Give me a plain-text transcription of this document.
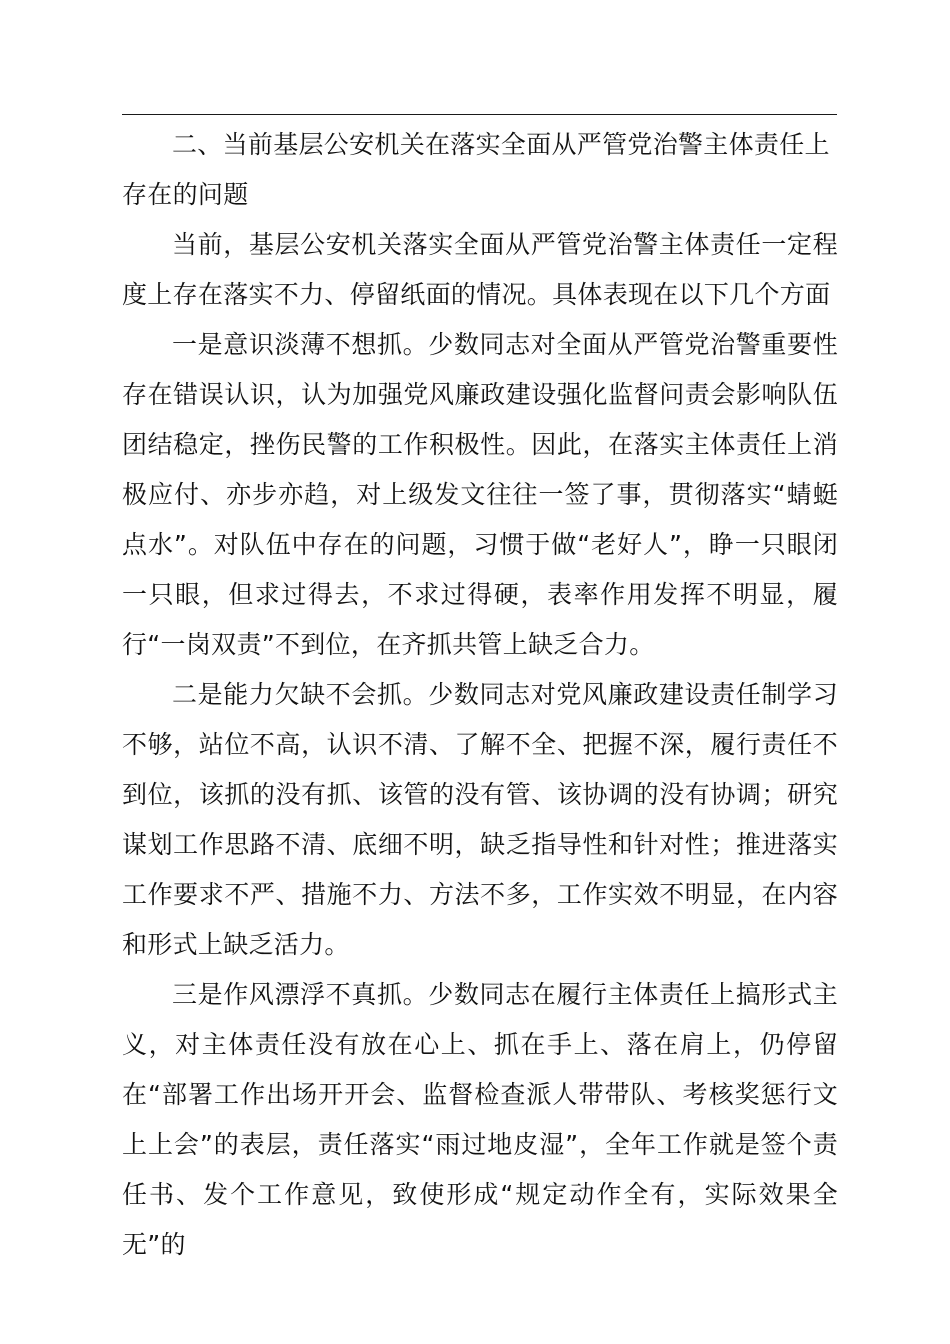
二、当前基层公安机关在落实全面从严管党治警主体责任上存在的问题

当前，基层公安机关落实全面从严管党治警主体责任一定程度上存在落实不力、停留纸面的情况。具体表现在以下几个方面

一是意识淡薄不想抓。少数同志对全面从严管党治警重要性存在错误认识，认为加强党风廉政建设强化监督问责会影响队伍团结稳定，挫伤民警的工作积极性。因此，在落实主体责任上消极应付、亦步亦趋，对上级发文往往一签了事，贯彻落实“蜻蜓点水”。对队伍中存在的问题，习惯于做“老好人”，睁一只眼闭一只眼，但求过得去，不求过得硬，表率作用发挥不明显，履行“一岗双责”不到位，在齐抓共管上缺乏合力。

二是能力欠缺不会抓。少数同志对党风廉政建设责任制学习不够，站位不高，认识不清、了解不全、把握不深，履行责任不到位，该抓的没有抓、该管的没有管、该协调的没有协调；研究谋划工作思路不清、底细不明，缺乏指导性和针对性；推进落实工作要求不严、措施不力、方法不多，工作实效不明显，在内容和形式上缺乏活力。

三是作风漂浮不真抓。少数同志在履行主体责任上搞形式主义，对主体责任没有放在心上、抓在手上、落在肩上，仍停留在“部署工作出场开开会、监督检查派人带带队、考核奖惩行文上上会”的表层，责任落实“雨过地皮湿”，全年工作就是签个责任书、发个工作意见，致使形成“规定动作全有，实际效果全无”的
